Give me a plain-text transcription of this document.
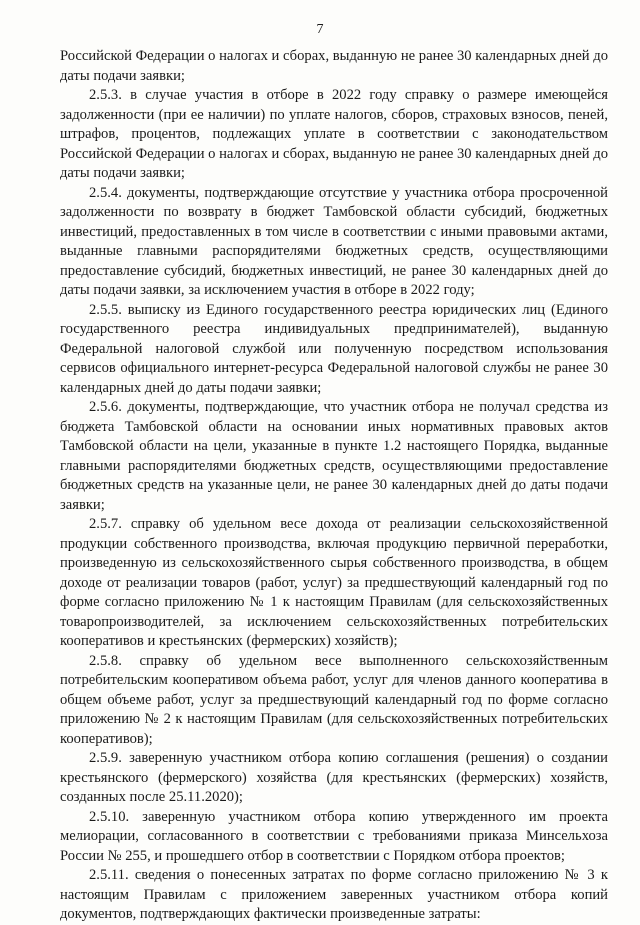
7

Российской Федерации о налогах и сборах, выданную не ранее 30 календарных дней до даты подачи заявки;

2.5.3. в случае участия в отборе в 2022 году справку о размере имеющейся задолженности (при ее наличии) по уплате налогов, сборов, страховых взносов, пеней, штрафов, процентов, подлежащих уплате в соответствии с законодательством Российской Федерации о налогах и сборах, выданную не ранее 30 календарных дней до даты подачи заявки;

2.5.4. документы, подтверждающие отсутствие у участника отбора просроченной задолженности по возврату в бюджет Тамбовской области субсидий, бюджетных инвестиций, предоставленных в том числе в соответствии с иными правовыми актами, выданные главными распорядителями бюджетных средств, осуществляющими предоставление субсидий, бюджетных инвестиций, не ранее 30 календарных дней до даты подачи заявки, за исключением участия в отборе в 2022 году;

2.5.5. выписку из Единого государственного реестра юридических лиц (Единого государственного реестра индивидуальных предпринимателей), выданную Федеральной налоговой службой или полученную посредством использования сервисов официального интернет-ресурса Федеральной налоговой службы не ранее 30 календарных дней до даты подачи заявки;

2.5.6. документы, подтверждающие, что участник отбора не получал средства из бюджета Тамбовской области на основании иных нормативных правовых актов Тамбовской области на цели, указанные в пункте 1.2 настоящего Порядка, выданные главными распорядителями бюджетных средств, осуществляющими предоставление бюджетных средств на указанные цели, не ранее 30 календарных дней до даты подачи заявки;

2.5.7. справку об удельном весе дохода от реализации сельскохозяйственной продукции собственного производства, включая продукцию первичной переработки, произведенную из сельскохозяйственного сырья собственного производства, в общем доходе от реализации товаров (работ, услуг) за предшествующий календарный год по форме согласно приложению № 1 к настоящим Правилам (для сельскохозяйственных товаропроизводителей, за исключением сельскохозяйственных потребительских кооперативов и крестьянских (фермерских) хозяйств);

2.5.8. справку об удельном весе выполненного сельскохозяйственным потребительским кооперативом объема работ, услуг для членов данного кооператива в общем объеме работ, услуг за предшествующий календарный год по форме согласно приложению № 2 к настоящим Правилам (для сельскохозяйственных потребительских кооперативов);

2.5.9. заверенную участником отбора копию соглашения (решения) о создании крестьянского (фермерского) хозяйства (для крестьянских (фермерских) хозяйств, созданных после 25.11.2020);

2.5.10. заверенную участником отбора копию утвержденного им проекта мелиорации, согласованного в соответствии с требованиями приказа Минсельхоза России № 255, и прошедшего отбор в соответствии с Порядком отбора проектов;

2.5.11. сведения о понесенных затратах по форме согласно приложению № 3 к настоящим Правилам с приложением заверенных участником отбора копий документов, подтверждающих фактически произведенные затраты:
